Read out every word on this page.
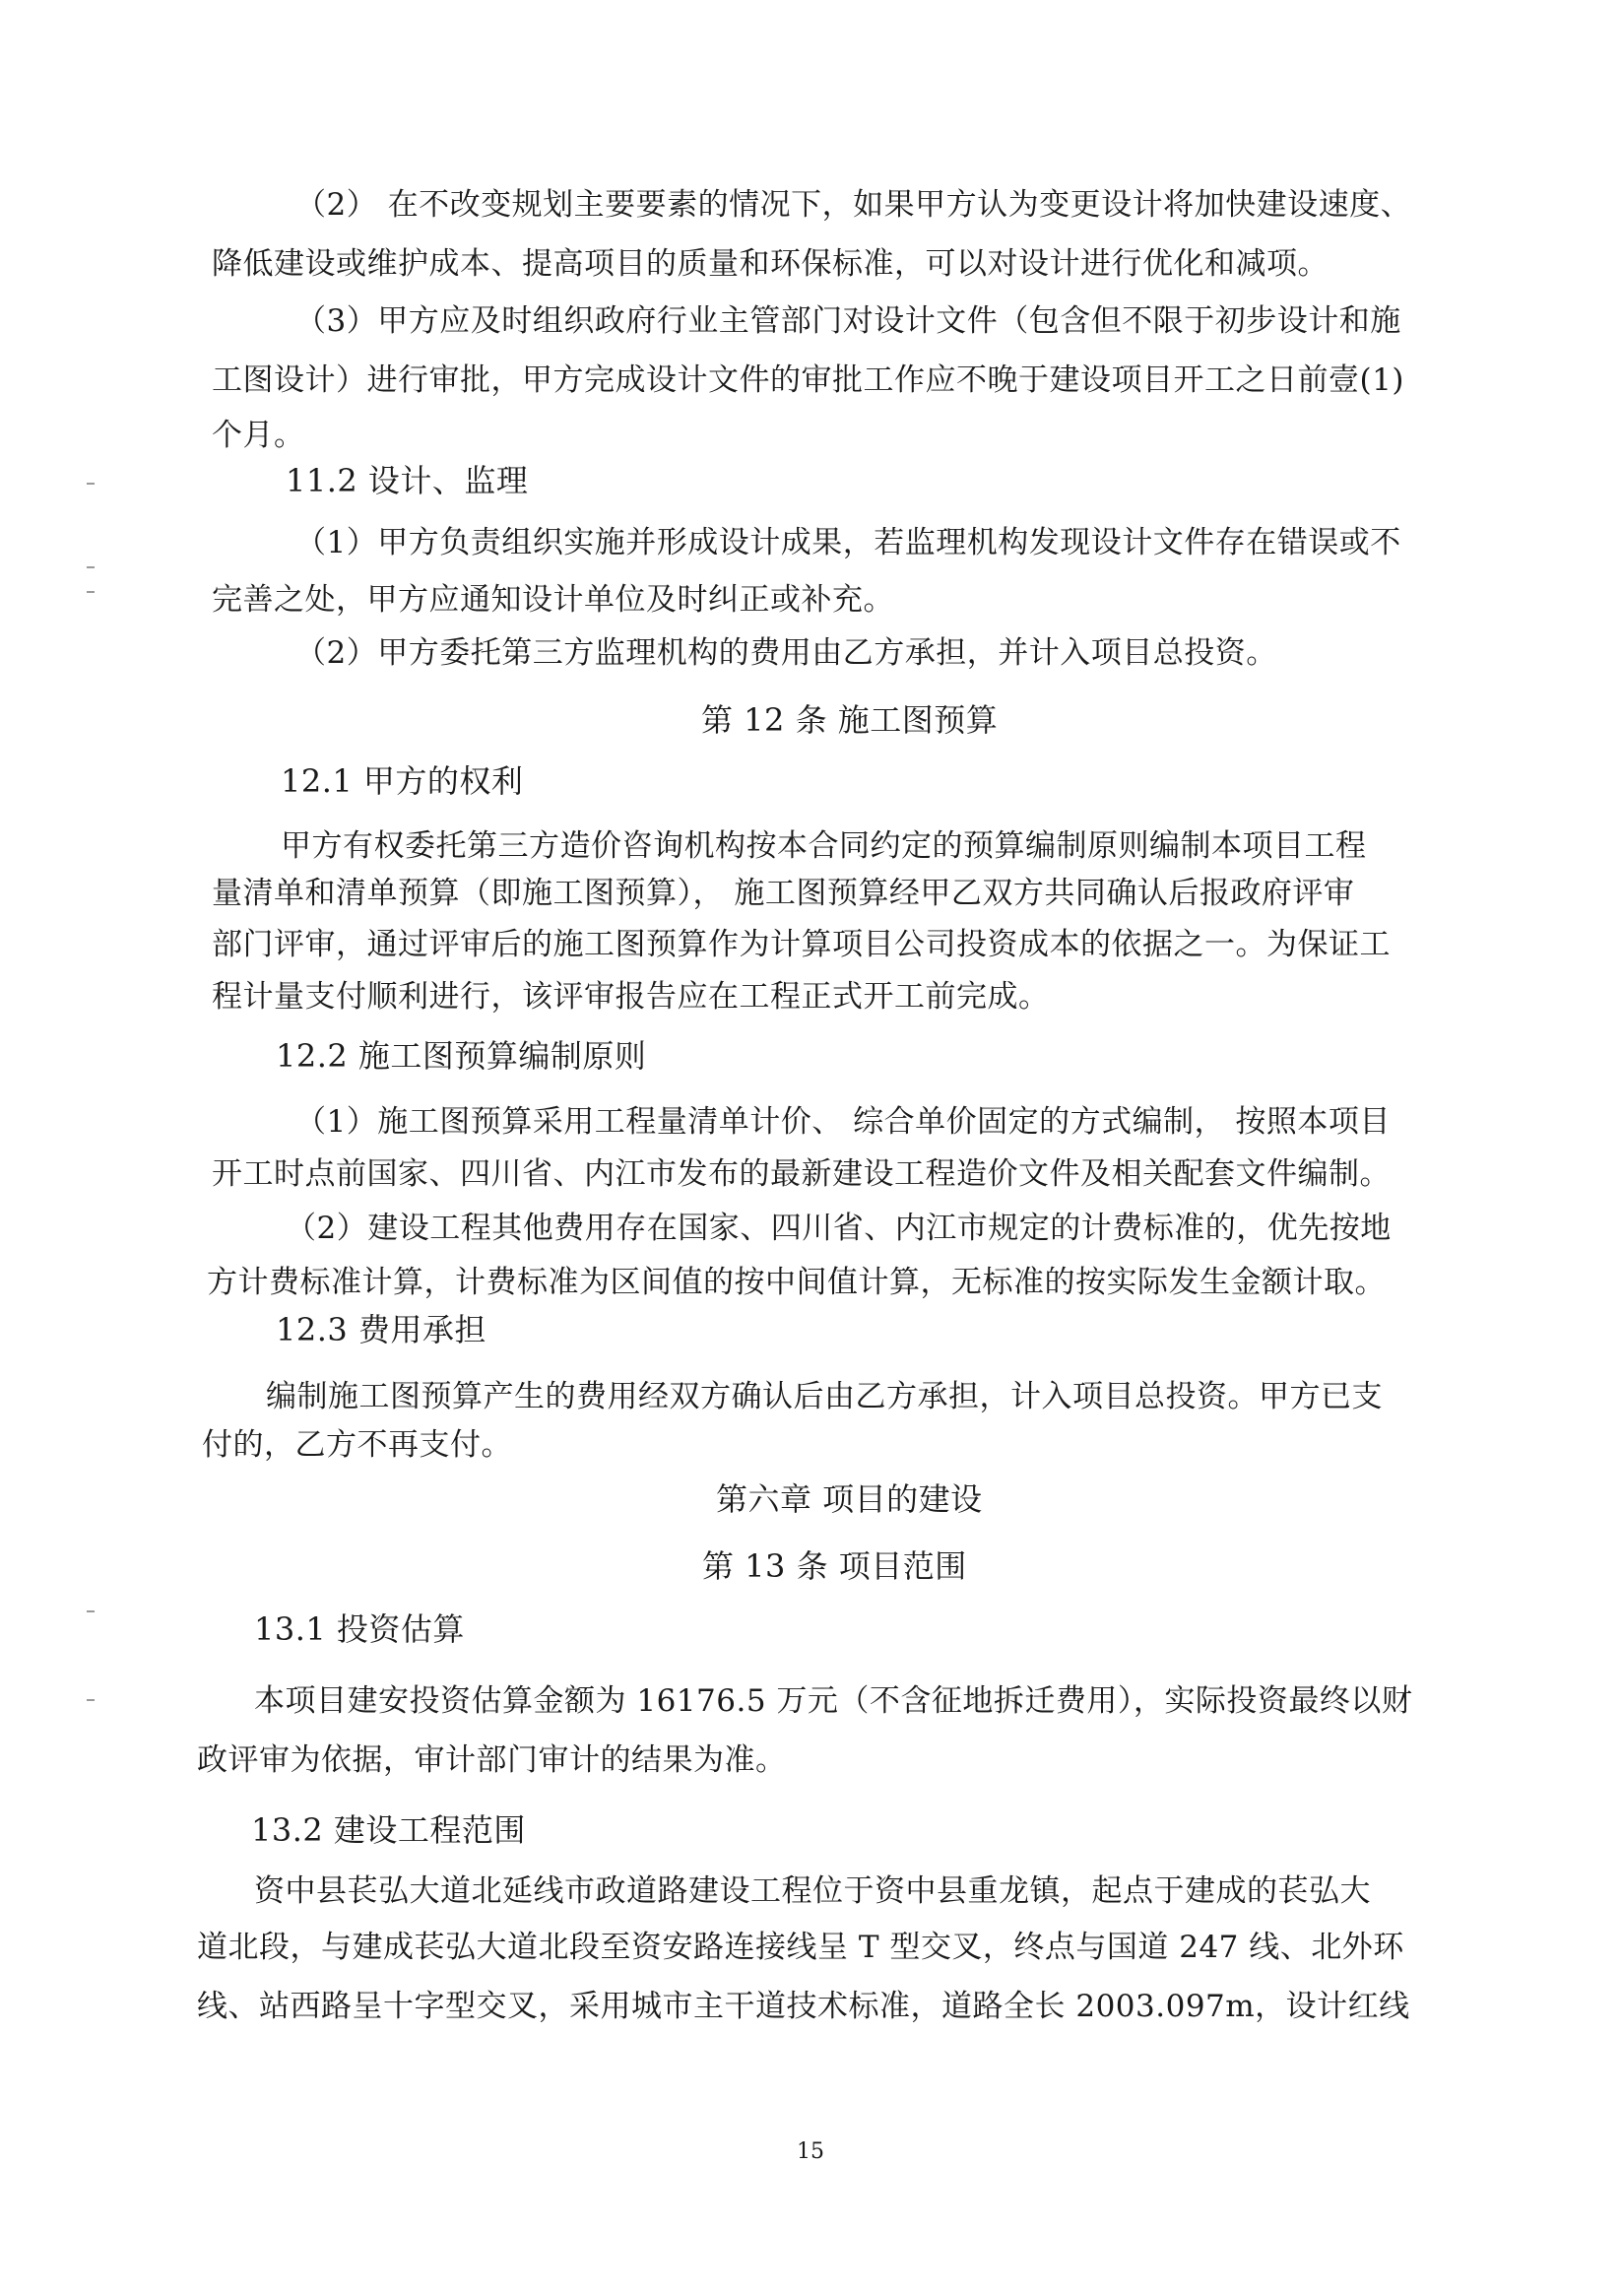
（2） 在不改变规划主要要素的情况下，如果甲方认为变更设计将加快建设速度、
降低建设或维护成本、提高项目的质量和环保标准，可以对设计进行优化和减项。
（3）甲方应及时组织政府行业主管部门对设计文件（包含但不限于初步设计和施
工图设计）进行审批，甲方完成设计文件的审批工作应不晚于建设项目开工之日前壹(1)
个月。
11.2 设计、监理
（1）甲方负责组织实施并形成设计成果，若监理机构发现设计文件存在错误或不
完善之处，甲方应通知设计单位及时纠正或补充。
（2）甲方委托第三方监理机构的费用由乙方承担，并计入项目总投资。
第 12 条 施工图预算
12.1 甲方的权利
甲方有权委托第三方造价咨询机构按本合同约定的预算编制原则编制本项目工程
量清单和清单预算（即施工图预算）， 施工图预算经甲乙双方共同确认后报政府评审
部门评审，通过评审后的施工图预算作为计算项目公司投资成本的依据之一。为保证工
程计量支付顺利进行，该评审报告应在工程正式开工前完成。
12.2 施工图预算编制原则
（1）施工图预算采用工程量清单计价、 综合单价固定的方式编制， 按照本项目
开工时点前国家、四川省、内江市发布的最新建设工程造价文件及相关配套文件编制。
（2）建设工程其他费用存在国家、四川省、内江市规定的计费标准的，优先按地
方计费标准计算，计费标准为区间值的按中间值计算，无标准的按实际发生金额计取。
12.3 费用承担
编制施工图预算产生的费用经双方确认后由乙方承担，计入项目总投资。甲方已支
付的，乙方不再支付。
第六章 项目的建设
第 13 条 项目范围
13.1 投资估算
本项目建安投资估算金额为 16176.5 万元（不含征地拆迁费用），实际投资最终以财
政评审为依据，审计部门审计的结果为准。
13.2 建设工程范围
资中县苌弘大道北延线市政道路建设工程位于资中县重龙镇，起点于建成的苌弘大
道北段，与建成苌弘大道北段至资安路连接线呈 T 型交叉，终点与国道 247 线、北外环
线、站西路呈十字型交叉，采用城市主干道技术标准，道路全长 2003.097m，设计红线
15
